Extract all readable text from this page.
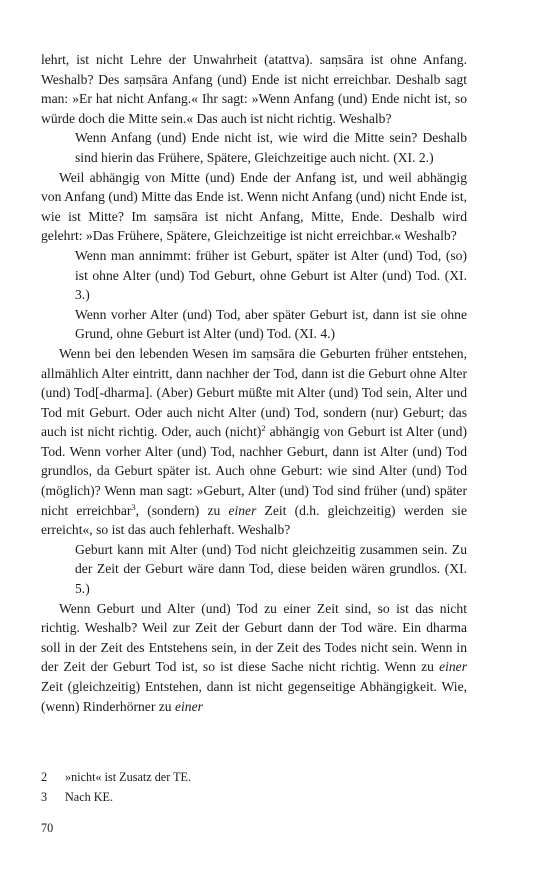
lehrt, ist nicht Lehre der Unwahrheit (atattva). saṃsāra ist ohne Anfang. Weshalb? Des saṃsāra Anfang (und) Ende ist nicht erreichbar. Deshalb sagt man: »Er hat nicht Anfang.« Ihr sagt: »Wenn Anfang (und) Ende nicht ist, so würde doch die Mitte sein.« Das auch ist nicht richtig. Weshalb?

Wenn Anfang (und) Ende nicht ist, wie wird die Mitte sein? Deshalb sind hierin das Frühere, Spätere, Gleichzeitige auch nicht. (XI. 2.)

Weil abhängig von Mitte (und) Ende der Anfang ist, und weil abhängig von Anfang (und) Mitte das Ende ist. Wenn nicht Anfang (und) nicht Ende ist, wie ist Mitte? Im saṃsāra ist nicht Anfang, Mitte, Ende. Deshalb wird gelehrt: »Das Frühere, Spätere, Gleichzeitige ist nicht erreichbar.« Weshalb?

Wenn man annimmt: früher ist Geburt, später ist Alter (und) Tod, (so) ist ohne Alter (und) Tod Geburt, ohne Geburt ist Alter (und) Tod. (XI. 3.)

Wenn vorher Alter (und) Tod, aber später Geburt ist, dann ist sie ohne Grund, ohne Geburt ist Alter (und) Tod. (XI. 4.)

Wenn bei den lebenden Wesen im saṃsāra die Geburten früher entstehen, allmählich Alter eintritt, dann nachher der Tod, dann ist die Geburt ohne Alter (und) Tod[-dharma]. (Aber) Geburt müßte mit Alter (und) Tod sein, Alter und Tod mit Geburt. Oder auch nicht Alter (und) Tod, sondern (nur) Geburt; das auch ist nicht richtig. Oder, auch (nicht)$^2$ abhängig von Geburt ist Alter (und) Tod. Wenn vorher Alter (und) Tod, nachher Geburt, dann ist Alter (und) Tod grundlos, da Geburt später ist. Auch ohne Geburt: wie sind Alter (und) Tod (möglich)? Wenn man sagt: »Geburt, Alter (und) Tod sind früher (und) später nicht erreichbar$^3$, (sondern) zu einer Zeit (d.h. gleichzeitig) werden sie erreicht«, so ist das auch fehlerhaft. Weshalb?

Geburt kann mit Alter (und) Tod nicht gleichzeitig zusammen sein. Zu der Zeit der Geburt wäre dann Tod, diese beiden wären grundlos. (XI. 5.)

Wenn Geburt und Alter (und) Tod zu einer Zeit sind, so ist das nicht richtig. Weshalb? Weil zur Zeit der Geburt dann der Tod wäre. Ein dharma soll in der Zeit des Entstehens sein, in der Zeit des Todes nicht sein. Wenn in der Zeit der Geburt Tod ist, so ist diese Sache nicht richtig. Wenn zu einer Zeit (gleichzeitig) Entstehen, dann ist nicht gegenseitige Abhängigkeit. Wie, (wenn) Rinderhörner zu einer

2 »nicht« ist Zusatz der TE.
3 Nach KE.
70
